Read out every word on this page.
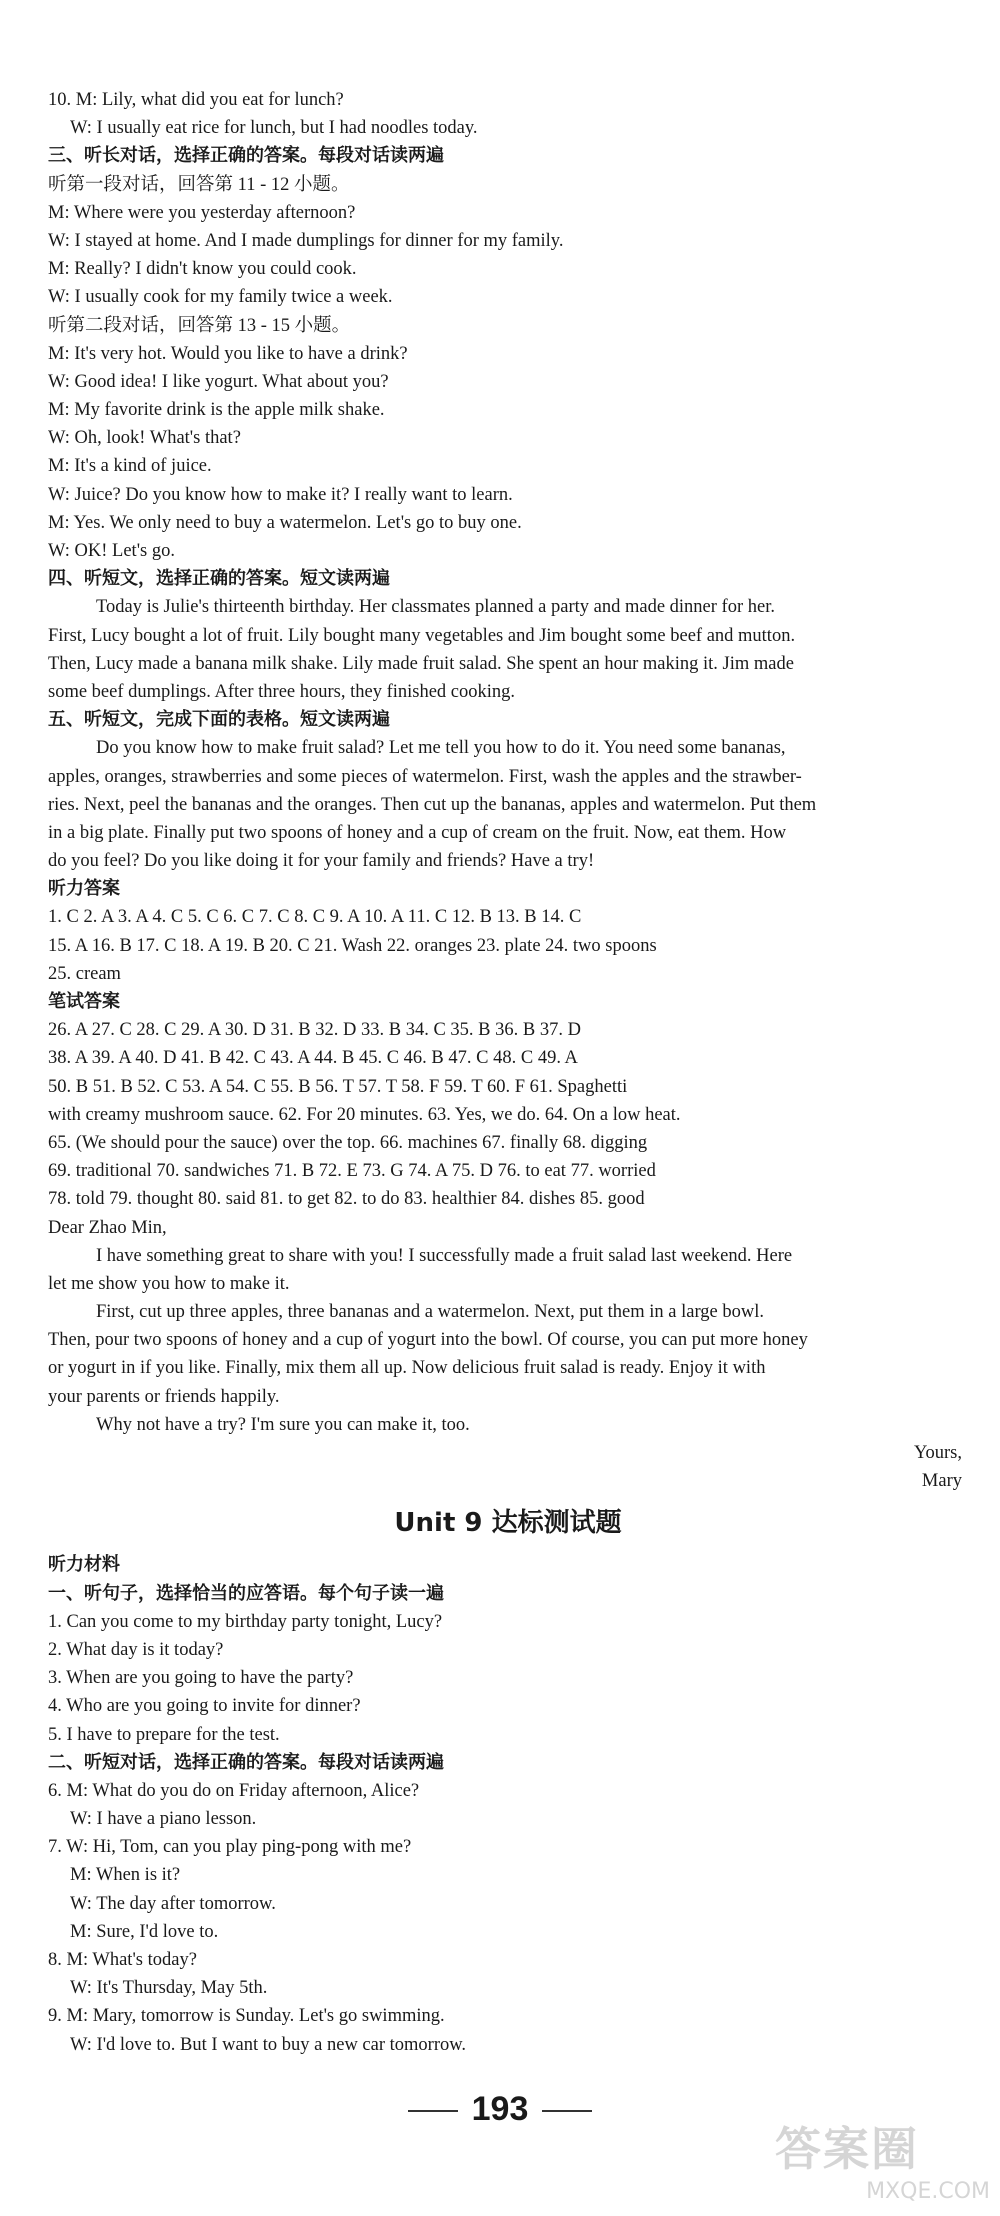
10. M: Lily, what did you eat for lunch?
W: I usually eat rice for lunch, but I had noodles today.
三、听长对话，选择正确的答案。每段对话读两遍
听第一段对话，回答第 11 - 12 小题。
M: Where were you yesterday afternoon?
W: I stayed at home. And I made dumplings for dinner for my family.
M: Really? I didn't know you could cook.
W: I usually cook for my family twice a week.
听第二段对话，回答第 13 - 15 小题。
M: It's very hot. Would you like to have a drink?
W: Good idea! I like yogurt. What about you?
M: My favorite drink is the apple milk shake.
W: Oh, look! What's that?
M: It's a kind of juice.
W: Juice? Do you know how to make it? I really want to learn.
M: Yes. We only need to buy a watermelon. Let's go to buy one.
W: OK! Let's go.
四、听短文，选择正确的答案。短文读两遍
Today is Julie's thirteenth birthday. Her classmates planned a party and made dinner for her.
First, Lucy bought a lot of fruit. Lily bought many vegetables and Jim bought some beef and mutton.
Then, Lucy made a banana milk shake. Lily made fruit salad. She spent an hour making it. Jim made
some beef dumplings. After three hours, they finished cooking.
五、听短文，完成下面的表格。短文读两遍
Do you know how to make fruit salad? Let me tell you how to do it. You need some bananas,
apples, oranges, strawberries and some pieces of watermelon. First, wash the apples and the strawber-
ries. Next, peel the bananas and the oranges. Then cut up the bananas, apples and watermelon. Put them
in a big plate. Finally put two spoons of honey and a cup of cream on the fruit. Now, eat them. How
do you feel? Do you like doing it for your family and friends? Have a try!
听力答案
1. C 2. A 3. A 4. C 5. C 6. C 7. C 8. C 9. A 10. A 11. C 12. B 13. B 14. C
15. A 16. B 17. C 18. A 19. B 20. C 21. Wash 22. oranges 23. plate 24. two spoons
25. cream
笔试答案
26. A 27. C 28. C 29. A 30. D 31. B 32. D 33. B 34. C 35. B 36. B 37. D
38. A 39. A 40. D 41. B 42. C 43. A 44. B 45. C 46. B 47. C 48. C 49. A
50. B 51. B 52. C 53. A 54. C 55. B 56. T 57. T 58. F 59. T 60. F 61. Spaghetti
with creamy mushroom sauce. 62. For 20 minutes. 63. Yes, we do. 64. On a low heat.
65. (We should pour the sauce) over the top. 66. machines 67. finally 68. digging
69. traditional 70. sandwiches 71. B 72. E 73. G 74. A 75. D 76. to eat 77. worried
78. told 79. thought 80. said 81. to get 82. to do 83. healthier 84. dishes 85. good
Dear Zhao Min,
I have something great to share with you! I successfully made a fruit salad last weekend. Here
let me show you how to make it.
First, cut up three apples, three bananas and a watermelon. Next, put them in a large bowl.
Then, pour two spoons of honey and a cup of yogurt into the bowl. Of course, you can put more honey
or yogurt in if you like. Finally, mix them all up. Now delicious fruit salad is ready. Enjoy it with
your parents or friends happily.
Why not have a try? I'm sure you can make it, too.
Yours,
Mary
Unit 9 达标测试题
听力材料
一、听句子，选择恰当的应答语。每个句子读一遍
1. Can you come to my birthday party tonight, Lucy?
2. What day is it today?
3. When are you going to have the party?
4. Who are you going to invite for dinner?
5. I have to prepare for the test.
二、听短对话，选择正确的答案。每段对话读两遍
6. M: What do you do on Friday afternoon, Alice?
W: I have a piano lesson.
7. W: Hi, Tom, can you play ping-pong with me?
M: When is it?
W: The day after tomorrow.
M: Sure, I'd love to.
8. M: What's today?
W: It's Thursday, May 5th.
9. M: Mary, tomorrow is Sunday. Let's go swimming.
W: I'd love to. But I want to buy a new car tomorrow.
193
答案圈
MXQE.COM
